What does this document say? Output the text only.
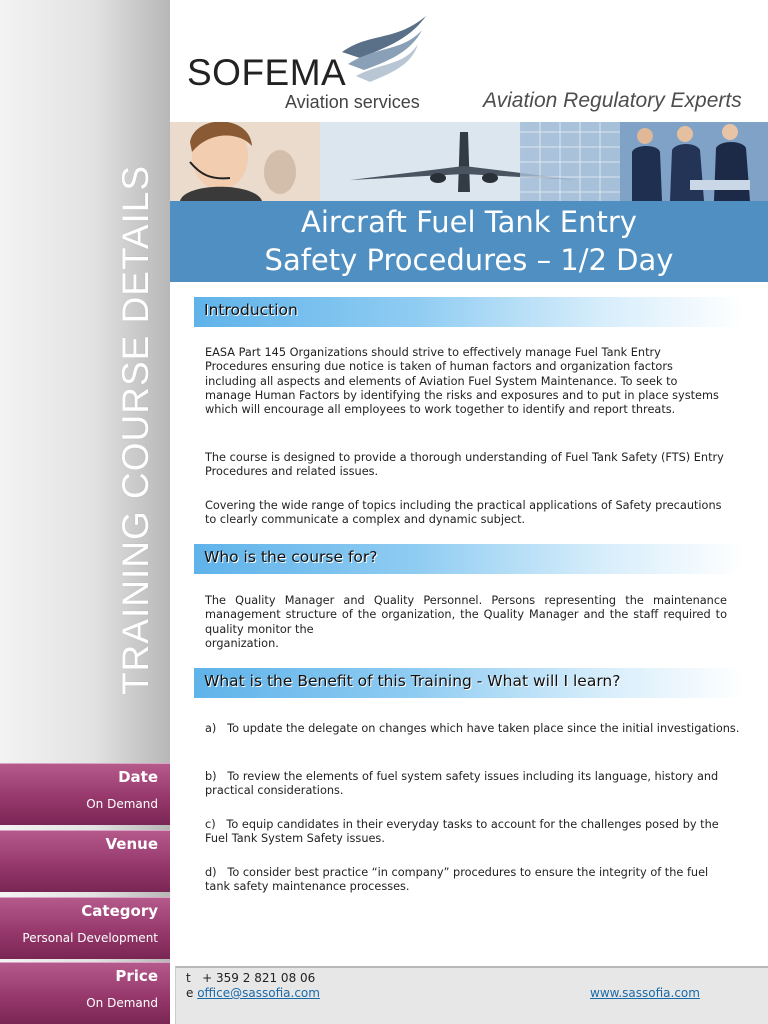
TRAINING COURSE DETAILS
Date
On Demand
Venue
Category
Personal Development
Price
On Demand
SOFEMA
Aviation services	Aviation Regulatory Experts
Aircraft Fuel Tank Entry
Safety Procedures – 1/2 Day
Introduction

EASA Part 145 Organizations should strive to effectively manage Fuel Tank Entry Procedures ensuring due notice is taken of human factors and organization factors including all aspects and elements of Aviation Fuel System Maintenance. To seek to manage Human Factors by identifying the risks and exposures and to put in place systems which will encourage all employees to work together to identify and report threats.

The course is designed to provide a thorough understanding of Fuel Tank Safety (FTS) Entry Procedures and related issues.

Covering the wide range of topics including the practical applications of Safety precautions to clearly communicate a complex and dynamic subject.

Who is the course for?

The Quality Manager and Quality Personnel. Persons representing the maintenance management structure of the organization, the Quality Manager and the staff required to quality monitor the

organization.

What is the Benefit of this Training - What will I learn?
a)   To update the delegate on changes which have taken place since the initial investigations.
b)   To review the elements of fuel system safety issues including its language, history and practical considerations.
c)   To equip candidates in their everyday tasks to account for the challenges posed by the Fuel Tank System Safety issues.
d)   To consider best practice “in company” procedures to ensure the integrity of the fuel tank safety maintenance processes.
t + 359 2 821 08 06
e office@sassofia.com	www.sassofia.com
